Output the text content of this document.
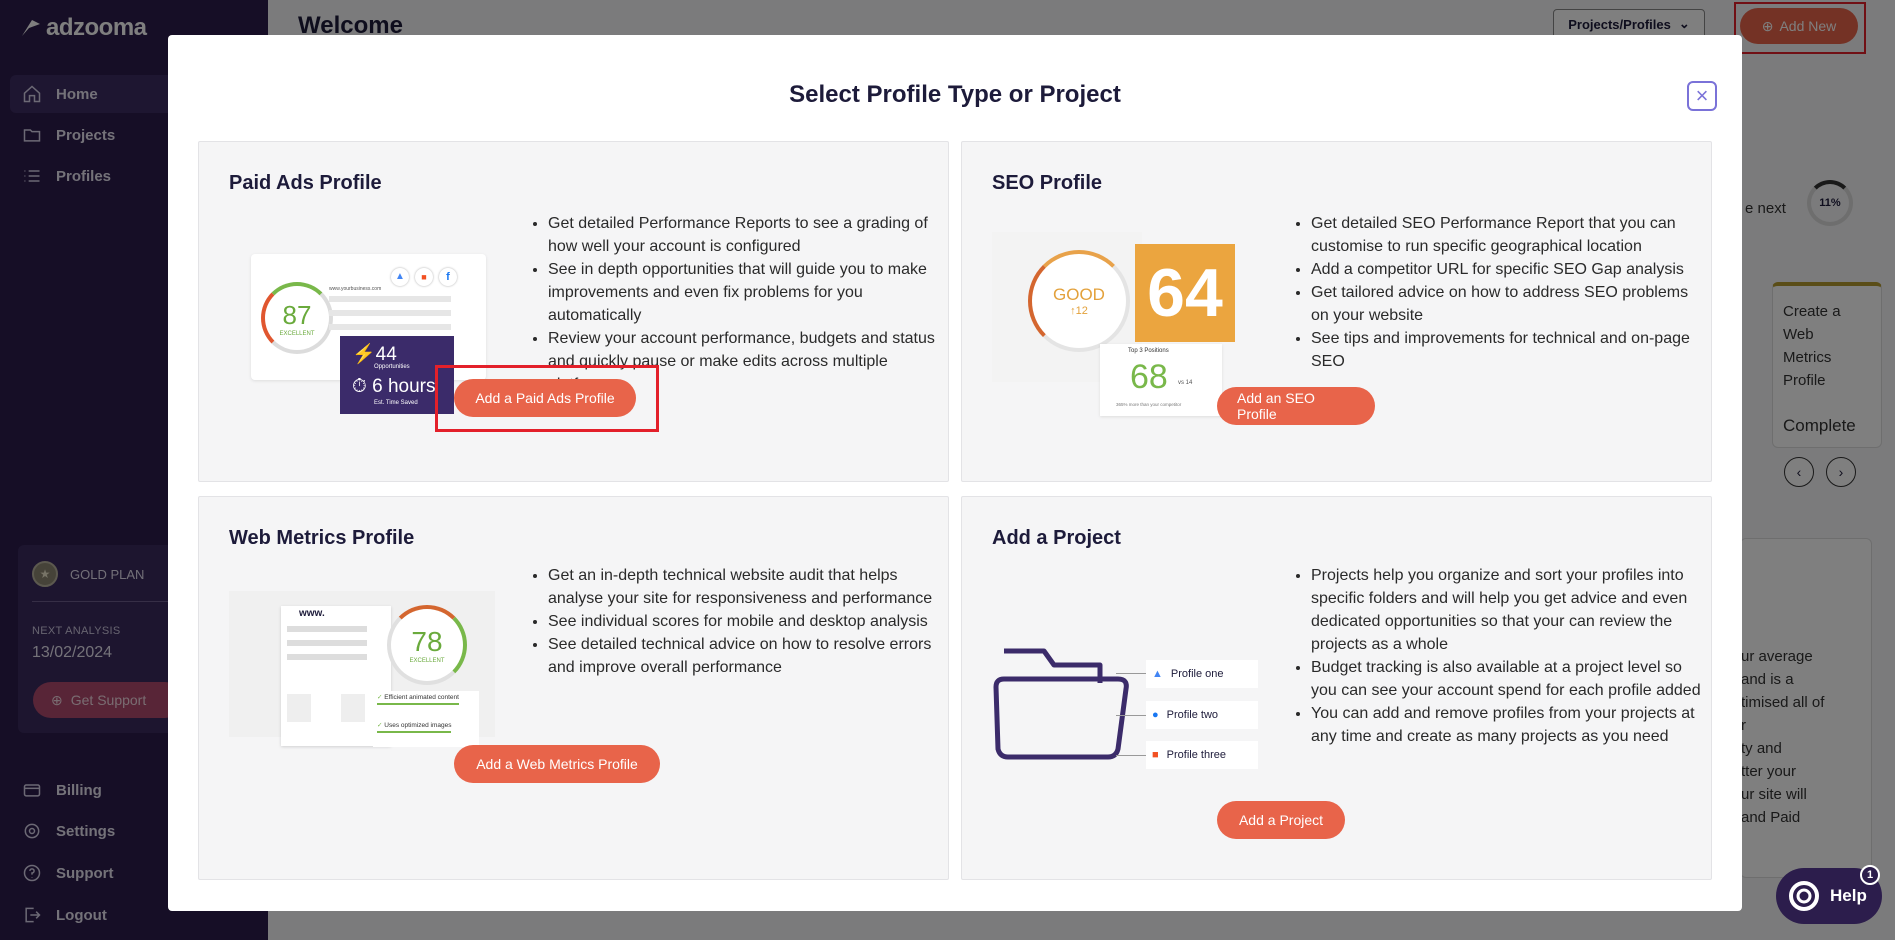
Select Profile Type or Project	×
Paid Ads Profile
• Get detailed Performance Reports to see a grading of how well your account is configured
• See in depth opportunities that will guide you to make improvements and even fix problems for you automatically
• Review your account performance, budgets and status and quickly pause or make edits across multiple
87
EXCELLENT
www.yourbusiness.com
▲	■	f
⚡44
Opportunities
⏱ 6 hours
Est. Time Saved	Add a Paid Ads Profile
SEO Profile
• Get detailed SEO Performance Report that you can customise to run specific geographical location
• Add a competitor URL for specific SEO Gap analysis
• Get tailored advice on how to address SEO problems on your website
• See tips and improvements for technical and on-page SEO
GOOD
↑12 64
Top 3 Positions
68 vs 14
365% more than your competitor	Add an SEO Profile
Web Metrics Profile
• Get an in-depth technical website audit that helps analyse your site for responsiveness and performance
• See individual scores for mobile and desktop analysis
• See detailed technical advice on how to resolve errors and improve overall performance
www.
78
EXCELLENT
✓ Efficient animated content
✓ Uses optimized images
Add a Web Metrics Profile
Add a Project
• Projects help you organize and sort your profiles into specific folders and will help you get advice and even dedicated opportunities so that your can review the projects as a whole
• Budget tracking is also available at a project level so you can see your account spend for each profile added
• You can add and remove profiles from your projects at any time and create as many projects as you need
▲ Profile one
● Profile two
■ Profile three
Add a Project
Help
1
